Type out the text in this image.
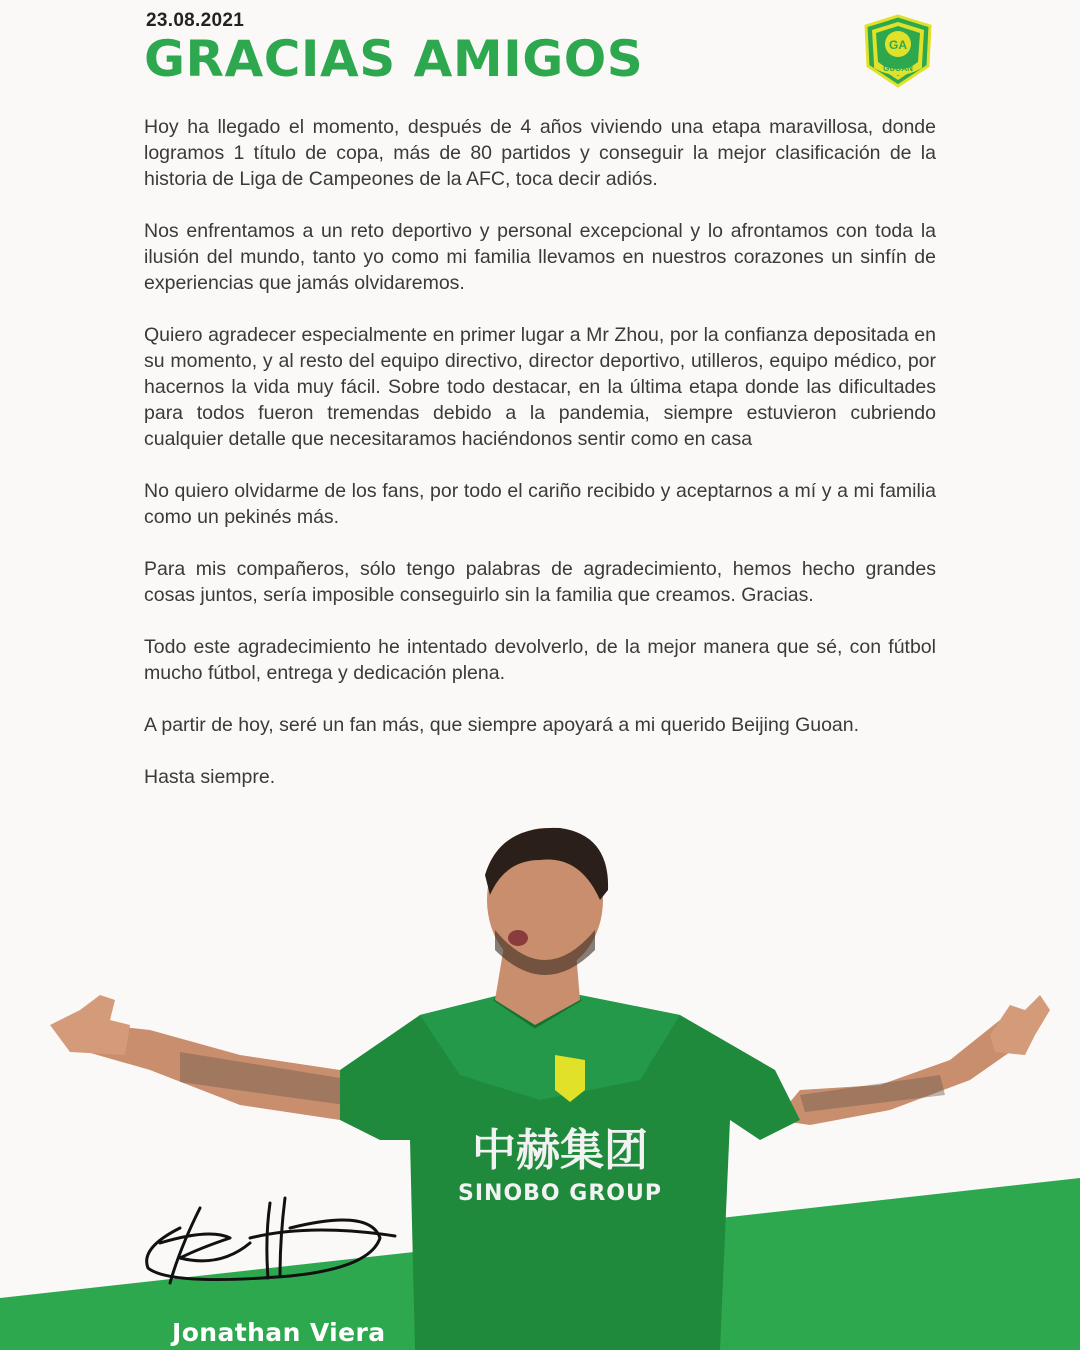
23.08.2021
GRACIAS AMIGOS	GA
GUOAN

Hoy ha llegado el momento, después de 4 años viviendo una etapa maravillosa, donde logramos 1 título de copa, más de 80 partidos y conseguir la mejor clasificación de la historia de Liga de Campeones de la AFC, toca decir adiós.

Nos enfrentamos a un reto deportivo y personal excepcional y lo afrontamos con toda la ilusión del mundo, tanto yo como mi familia llevamos en nuestros corazones un sinfín de experiencias que jamás olvidaremos.

Quiero agradecer especialmente en primer lugar a Mr Zhou, por la confianza depositada en su momento, y al resto del equipo directivo, director deportivo, utilleros, equipo médico, por hacernos la vida muy fácil. Sobre todo destacar, en la última etapa donde las dificultades para todos fueron tremendas debido a la pandemia, siempre estuvieron cubriendo cualquier detalle que necesitaramos haciéndonos sentir como en casa

No quiero olvidarme de los fans, por todo el cariño recibido y aceptarnos a mí y a mi familia como un pekinés más.

Para mis compañeros, sólo tengo palabras de agradecimiento, hemos hecho grandes cosas juntos, sería imposible conseguirlo sin la familia que creamos. Gracias.

Todo este agradecimiento he intentado devolverlo, de la mejor manera que sé, con fútbol mucho fútbol, entrega y dedicación plena.

A partir de hoy, seré un fan más, que siempre apoyará a mi querido Beijing Guoan.

Hasta siempre.

中赫集团
SINOBO GROUP
Jonathan Viera
